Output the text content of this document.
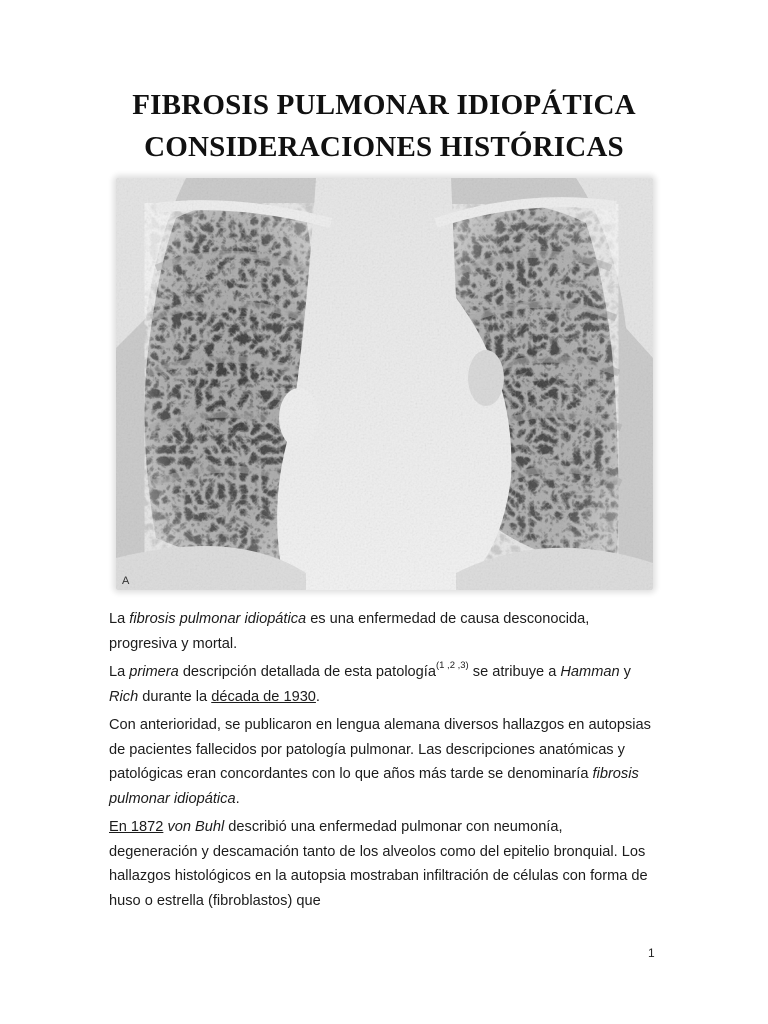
FIBROSIS PULMONAR IDIOPÁTICA
CONSIDERACIONES HISTÓRICAS
A

La fibrosis pulmonar idiopática es una enfermedad de causa desconocida, progresiva y mortal.

La primera descripción detallada de esta patología$^{(1 ,2 ,3)}$ se atribuye a Hamman y Rich durante la década de 1930.

Con anterioridad, se publicaron en lengua alemana diversos hallazgos en autopsias de pacientes fallecidos por patología pulmonar. Las descripciones anatómicas y patológicas eran concordantes con lo que años más tarde se denominaría fibrosis pulmonar idiopática.

En 1872 von Buhl describió una enfermedad pulmonar con neumonía, degeneración y descamación tanto de los alveolos como del epitelio bronquial. Los hallazgos histológicos en la autopsia mostraban infiltración de células con forma de huso o estrella (fibroblastos) que

1
